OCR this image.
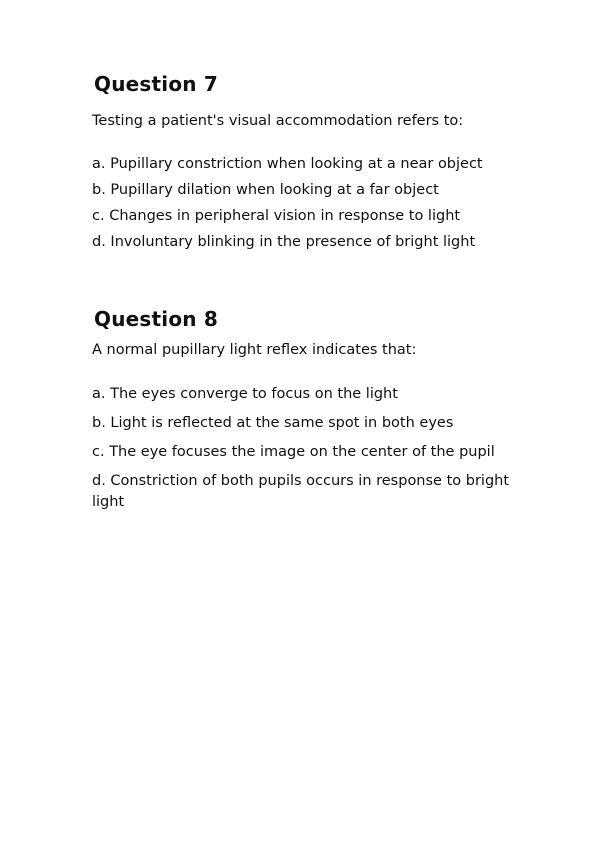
Question 7

Testing a patient's visual accommodation refers to:

a. Pupillary constriction when looking at a near object
b. Pupillary dilation when looking at a far object
c. Changes in peripheral vision in response to light
d. Involuntary blinking in the presence of bright light
Question 8

A normal pupillary light reflex indicates that:

a. The eyes converge to focus on the light
b. Light is reflected at the same spot in both eyes
c. The eye focuses the image on the center of the pupil
d. Constriction of both pupils occurs in response to bright light
